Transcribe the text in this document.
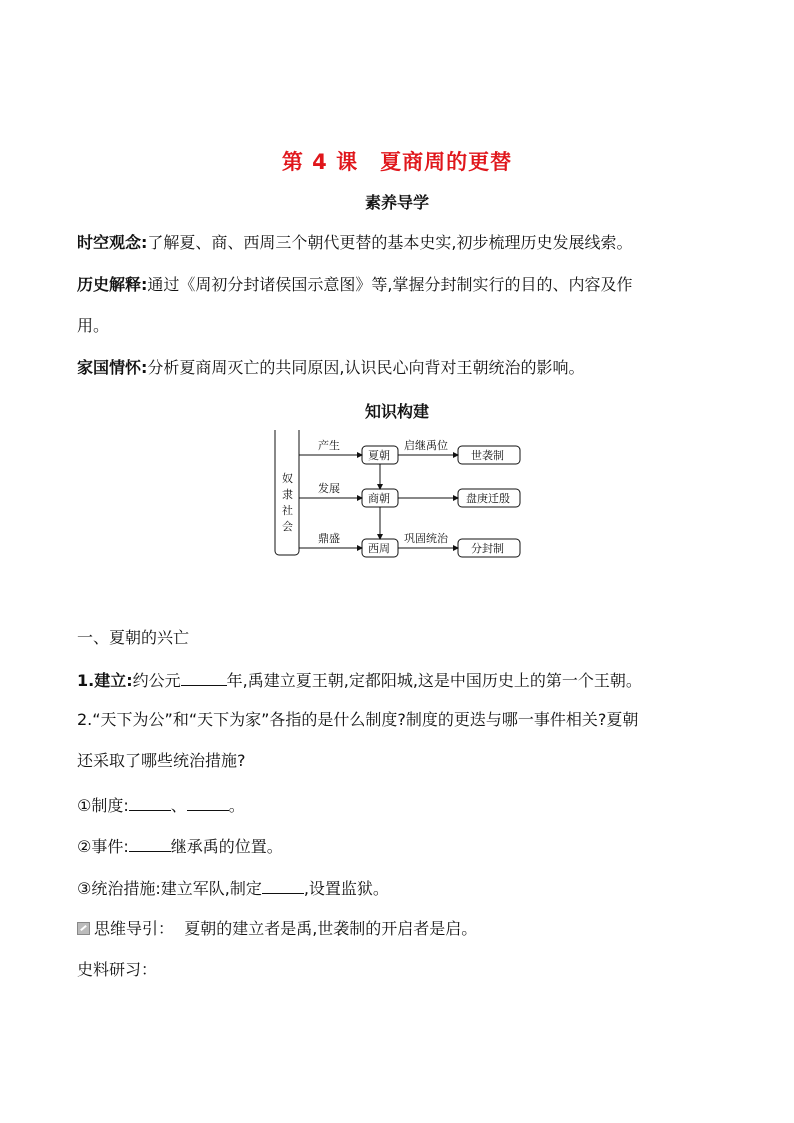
第 4 课　夏商周的更替
素养导学
时空观念:了解夏、商、西周三个朝代更替的基本史实,初步梳理历史发展线索。
历史解释:通过《周初分封诸侯国示意图》等,掌握分封制实行的目的、内容及作
用。
家国情怀:分析夏商周灭亡的共同原因,认识民心向背对王朝统治的影响。
知识构建
奴
隶
社
会
产生
夏朝
启继禹位
世袭制
发展
商朝	盘庚迁殷
鼎盛
西周
巩固统治
分封制
一、夏朝的兴亡
1.建立:约公元	年,禹建立夏王朝,定都阳城,这是中国历史上的第一个王朝。
2.“天下为公”和“天下为家”各指的是什么制度?制度的更迭与哪一事件相关?夏朝
还采取了哪些统治措施?
①制度:	、	。
②事件:	继承禹的位置。
③统治措施:建立军队,制定	,设置监狱。
思维导引： 夏朝的建立者是禹,世袭制的开启者是启。
史料研习：
